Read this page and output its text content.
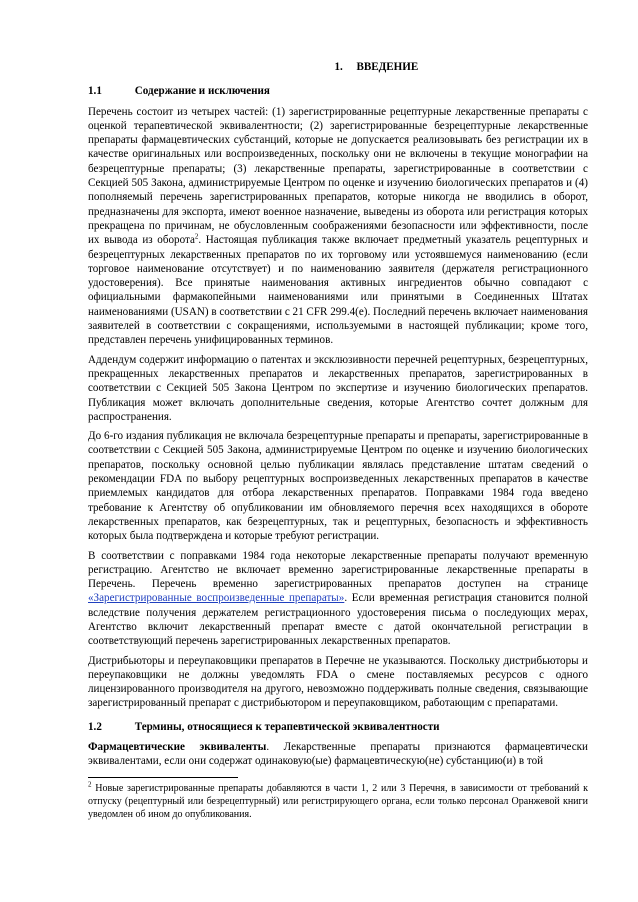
1. ВВЕДЕНИЕ
1.1	Содержание и исключения

Перечень состоит из четырех частей: (1) зарегистрированные рецептурные лекарственные препараты с оценкой терапевтической эквивалентности; (2) зарегистрированные безрецептурные лекарственные препараты фармацевтических субстанций, которые не допускается реализовывать без регистрации их в качестве оригинальных или воспроизведенных, поскольку они не включены в текущие монографии на безрецептурные препараты; (3) лекарственные препараты, зарегистрированные в соответствии с Секцией 505 Закона, администрируемые Центром по оценке и изучению биологических препаратов и (4) пополняемый перечень зарегистрированных препаратов, которые никогда не вводились в оборот, предназначены для экспорта, имеют военное назначение, выведены из оборота или регистрация которых прекращена по причинам, не обусловленным соображениями безопасности или эффективности, после их вывода из оборота$^2$. Настоящая публикация также включает предметный указатель рецептурных и безрецептурных лекарственных препаратов по их торговому или устоявшемуся наименованию (если торговое наименование отсутствует) и по наименованию заявителя (держателя регистрационного удостоверения). Все принятые наименования активных ингредиентов обычно совпадают с официальными фармакопейными наименованиями или принятыми в Соединенных Штатах наименованиями (USAN) в соответствии с 21 CFR 299.4(e). Последний перечень включает наименования заявителей в соответствии с сокращениями, используемыми в настоящей публикации; кроме того, представлен перечень унифицированных терминов.

Аддендум содержит информацию о патентах и эксклюзивности перечней рецептурных, безрецептурных, прекращенных лекарственных препаратов и лекарственных препаратов, зарегистрированных в соответствии с Секцией 505 Закона Центром по экспертизе и изучению биологических препаратов. Публикация может включать дополнительные сведения, которые Агентство сочтет должным для распространения.

До 6-го издания публикация не включала безрецептурные препараты и препараты, зарегистрированные в соответствии с Секцией 505 Закона, администрируемые Центром по оценке и изучению биологических препаратов, поскольку основной целью публикации являлась представление штатам сведений о рекомендации FDA по выбору рецептурных воспроизведенных лекарственных препаратов в качестве приемлемых кандидатов для отбора лекарственных препаратов. Поправками 1984 года введено требование к Агентству об опубликовании им обновляемого перечня всех находящихся в обороте лекарственных препаратов, как безрецептурных, так и рецептурных, безопасность и эффективность которых была подтверждена и которые требуют регистрации.

В соответствии с поправками 1984 года некоторые лекарственные препараты получают временную регистрацию. Агентство не включает временно зарегистрированные лекарственные препараты в Перечень. Перечень временно зарегистрированных препаратов доступен на странице «Зарегистрированные воспроизведенные препараты». Если временная регистрация становится полной вследствие получения держателем регистрационного удостоверения письма о последующих мерах, Агентство включит лекарственный препарат вместе с датой окончательной регистрации в соответствующий перечень зарегистрированных лекарственных препаратов.

Дистрибьюторы и переупаковщики препаратов в Перечне не указываются. Поскольку дистрибьюторы и переупаковщики не должны уведомлять FDA о смене поставляемых ресурсов с одного лицензированного производителя на другого, невозможно поддерживать полные сведения, связывающие зарегистрированный препарат с дистрибьютором и переупаковщиком, работающим с препаратами.

1.2	Термины, относящиеся к терапевтической эквивалентности

Фармацевтические эквиваленты. Лекарственные препараты признаются фармацевтически эквивалентами, если они содержат одинаковую(ые) фармацевтическую(не) субстанцию(и) в той

$^2$ Новые зарегистрированные препараты добавляются в части 1, 2 или 3 Перечня, в зависимости от требований к отпуску (рецептурный или безрецептурный) или регистрирующего органа, если только персонал Оранжевой книги уведомлен об ином до опубликования.
